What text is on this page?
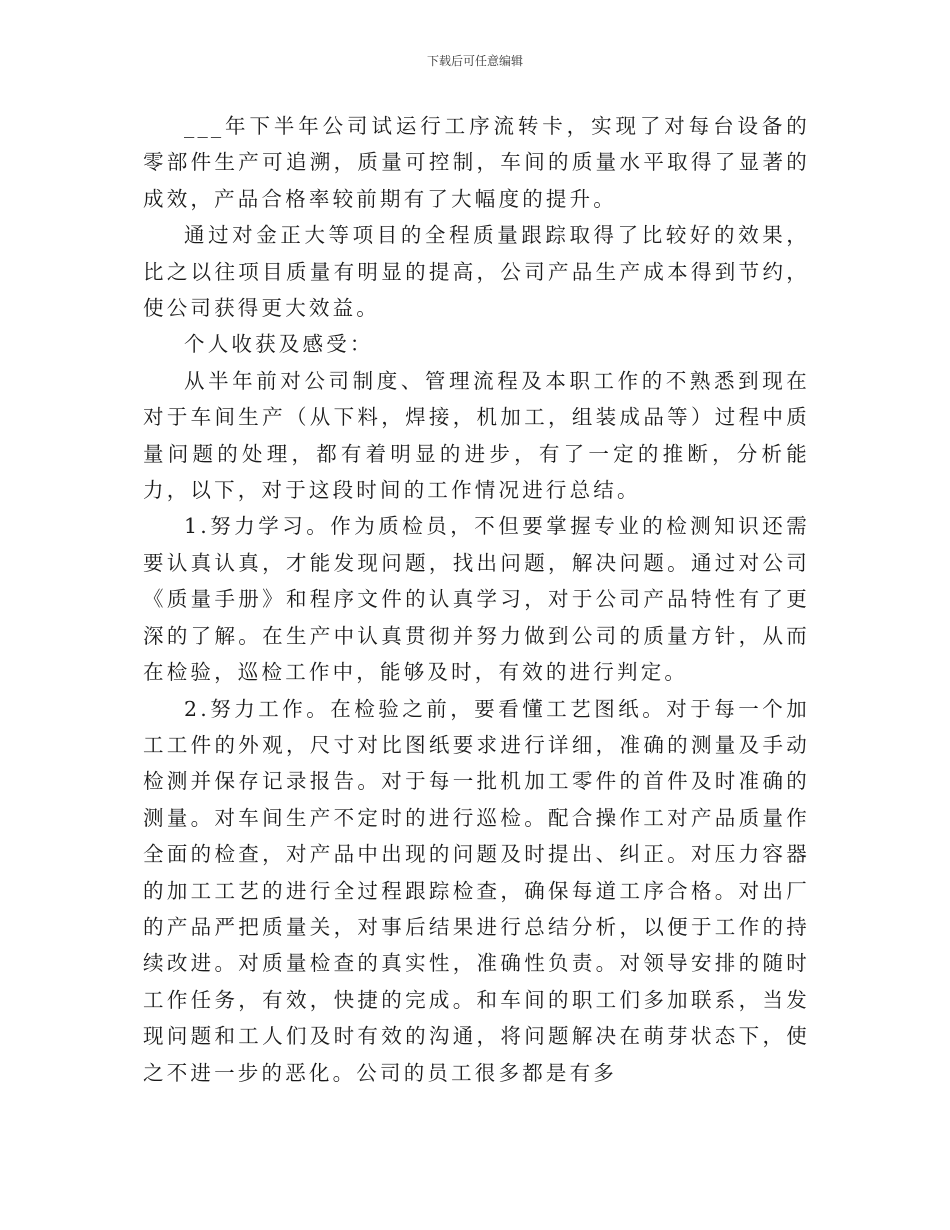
下载后可任意编辑

___年下半年公司试运行工序流转卡，实现了对每台设备的零部件生产可追溯，质量可控制，车间的质量水平取得了显著的成效，产品合格率较前期有了大幅度的提升。

通过对金正大等项目的全程质量跟踪取得了比较好的效果，比之以往项目质量有明显的提高，公司产品生产成本得到节约，使公司获得更大效益。

个人收获及感受：

从半年前对公司制度、管理流程及本职工作的不熟悉到现在对于车间生产（从下料，焊接，机加工，组装成品等）过程中质量问题的处理，都有着明显的进步，有了一定的推断，分析能力，以下，对于这段时间的工作情况进行总结。

1.努力学习。作为质检员，不但要掌握专业的检测知识还需要认真认真，才能发现问题，找出问题，解决问题。通过对公司《质量手册》和程序文件的认真学习，对于公司产品特性有了更深的了解。在生产中认真贯彻并努力做到公司的质量方针，从而在检验，巡检工作中，能够及时，有效的进行判定。

2.努力工作。在检验之前，要看懂工艺图纸。对于每一个加工工件的外观，尺寸对比图纸要求进行详细，准确的测量及手动检测并保存记录报告。对于每一批机加工零件的首件及时准确的测量。对车间生产不定时的进行巡检。配合操作工对产品质量作全面的检查，对产品中出现的问题及时提出、纠正。对压力容器的加工工艺的进行全过程跟踪检查，确保每道工序合格。对出厂的产品严把质量关，对事后结果进行总结分析，以便于工作的持续改进。对质量检查的真实性，准确性负责。对领导安排的随时工作任务，有效，快捷的完成。和车间的职工们多加联系，当发现问题和工人们及时有效的沟通，将问题解决在萌芽状态下，使之不进一步的恶化。公司的员工很多都是有多
